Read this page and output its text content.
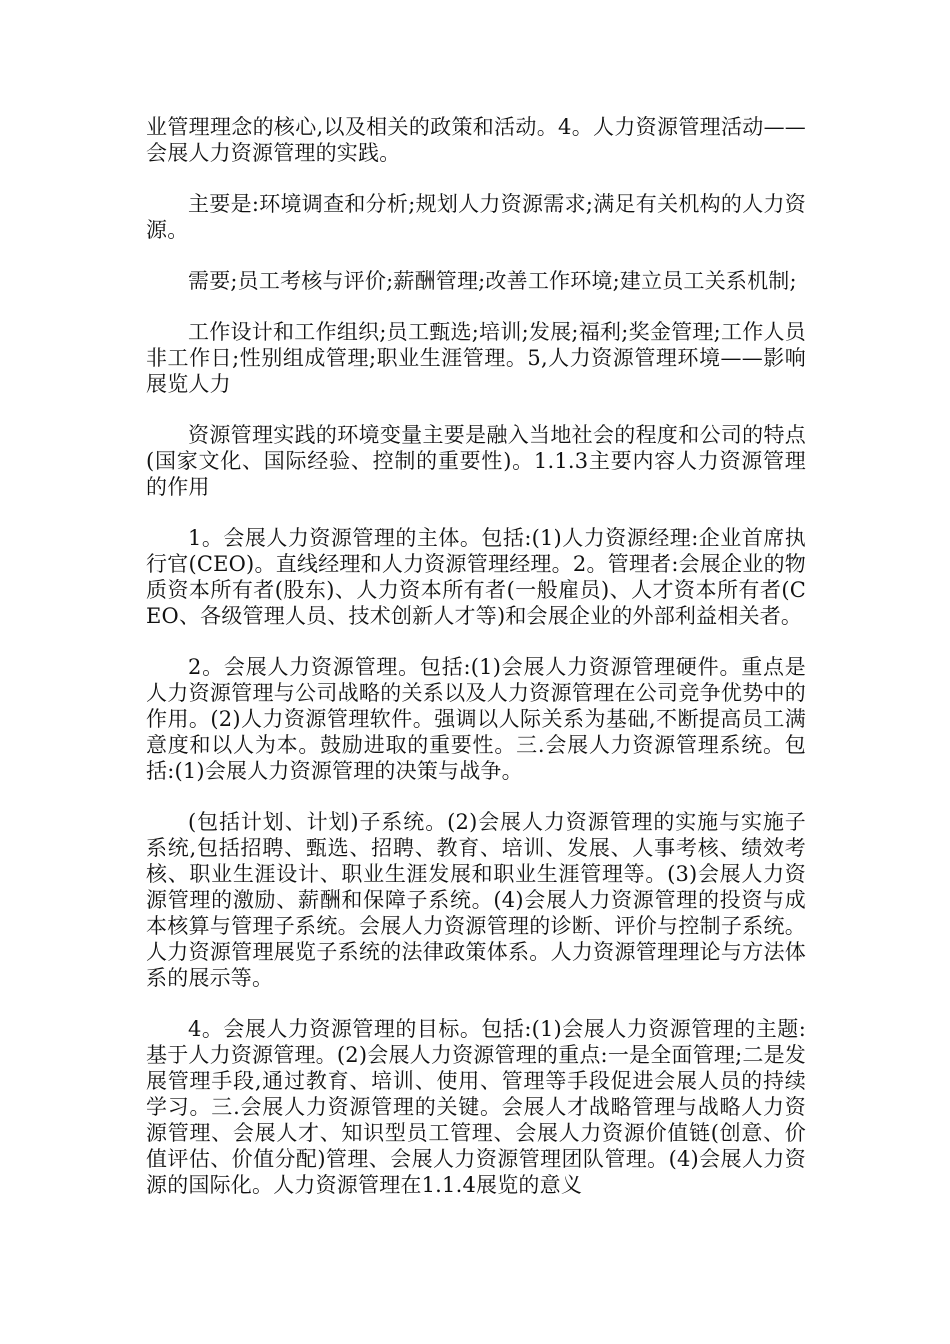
业管理理念的核心,以及相关的政策和活动。4。人力资源管理活动——会展人力资源管理的实践。

主要是:环境调查和分析;规划人力资源需求;满足有关机构的人力资源。

需要;员工考核与评价;薪酬管理;改善工作环境;建立员工关系机制;

工作设计和工作组织;员工甄选;培训;发展;福利;奖金管理;工作人员非工作日;性别组成管理;职业生涯管理。5,人力资源管理环境——影响展览人力

资源管理实践的环境变量主要是融入当地社会的程度和公司的特点(国家文化、国际经验、控制的重要性)。1.1.3主要内容人力资源管理的作用

1。会展人力资源管理的主体。包括:(1)人力资源经理:企业首席执行官(CEO)。直线经理和人力资源管理经理。2。管理者:会展企业的物质资本所有者(股东)、人力资本所有者(一般雇员)、人才资本所有者(CEO、各级管理人员、技术创新人才等)和会展企业的外部利益相关者。

2。会展人力资源管理。包括:(1)会展人力资源管理硬件。重点是人力资源管理与公司战略的关系以及人力资源管理在公司竞争优势中的作用。(2)人力资源管理软件。强调以人际关系为基础,不断提高员工满意度和以人为本。鼓励进取的重要性。三.会展人力资源管理系统。包括:(1)会展人力资源管理的决策与战争。

(包括计划、计划)子系统。(2)会展人力资源管理的实施与实施子系统,包括招聘、甄选、招聘、教育、培训、发展、人事考核、绩效考核、职业生涯设计、职业生涯发展和职业生涯管理等。(3)会展人力资源管理的激励、薪酬和保障子系统。(4)会展人力资源管理的投资与成本核算与管理子系统。会展人力资源管理的诊断、评价与控制子系统。人力资源管理展览子系统的法律政策体系。人力资源管理理论与方法体系的展示等。

4。会展人力资源管理的目标。包括:(1)会展人力资源管理的主题:基于人力资源管理。(2)会展人力资源管理的重点:一是全面管理;二是发展管理手段,通过教育、培训、使用、管理等手段促进会展人员的持续学习。三.会展人力资源管理的关键。会展人才战略管理与战略人力资源管理、会展人才、知识型员工管理、会展人力资源价值链(创意、价值评估、价值分配)管理、会展人力资源管理团队管理。(4)会展人力资源的国际化。人力资源管理在1.1.4展览的意义
